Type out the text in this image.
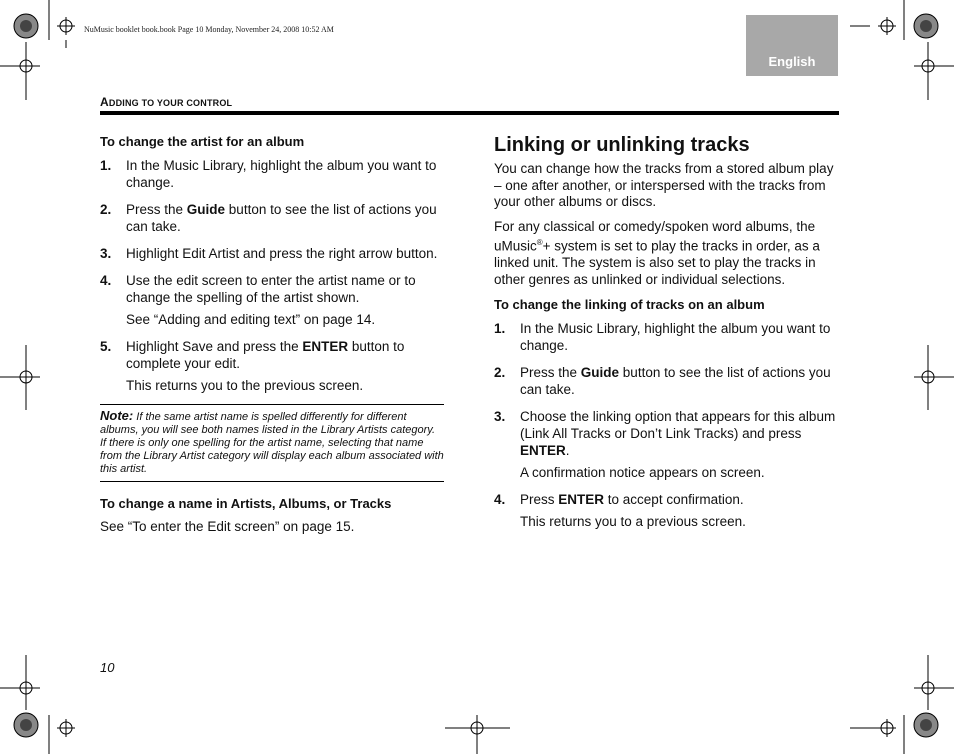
NuMusic booklet book.book Page 10 Monday, November 24, 2008 10:52 AM
English
ADDING TO YOUR CONTROL
To change the artist for an album
1. In the Music Library, highlight the album you want to change.
2. Press the Guide button to see the list of actions you can take.
3. Highlight Edit Artist and press the right arrow button.
4. Use the edit screen to enter the artist name or to change the spelling of the artist shown.
See “Adding and editing text” on page 14.
5. Highlight Save and press the ENTER button to complete your edit.
This returns you to the previous screen.
Note: If the same artist name is spelled differently for different albums, you will see both names listed in the Library Artists category. If there is only one spelling for the artist name, selecting that name from the Library Artist category will display each album associated with this artist.
To change a name in Artists, Albums, or Tracks
See “To enter the Edit screen” on page 15.
Linking or unlinking tracks
You can change how the tracks from a stored album play – one after another, or interspersed with the tracks from your other albums or discs.
For any classical or comedy/spoken word albums, the uMusic®+ system is set to play the tracks in order, as a linked unit. The system is also set to play the tracks in other genres as unlinked or individual selections.
To change the linking of tracks on an album
1. In the Music Library, highlight the album you want to change.
2. Press the Guide button to see the list of actions you can take.
3. Choose the linking option that appears for this album (Link All Tracks or Don’t Link Tracks) and press ENTER.
A confirmation notice appears on screen.
4. Press ENTER to accept confirmation.
This returns you to a previous screen.
10
